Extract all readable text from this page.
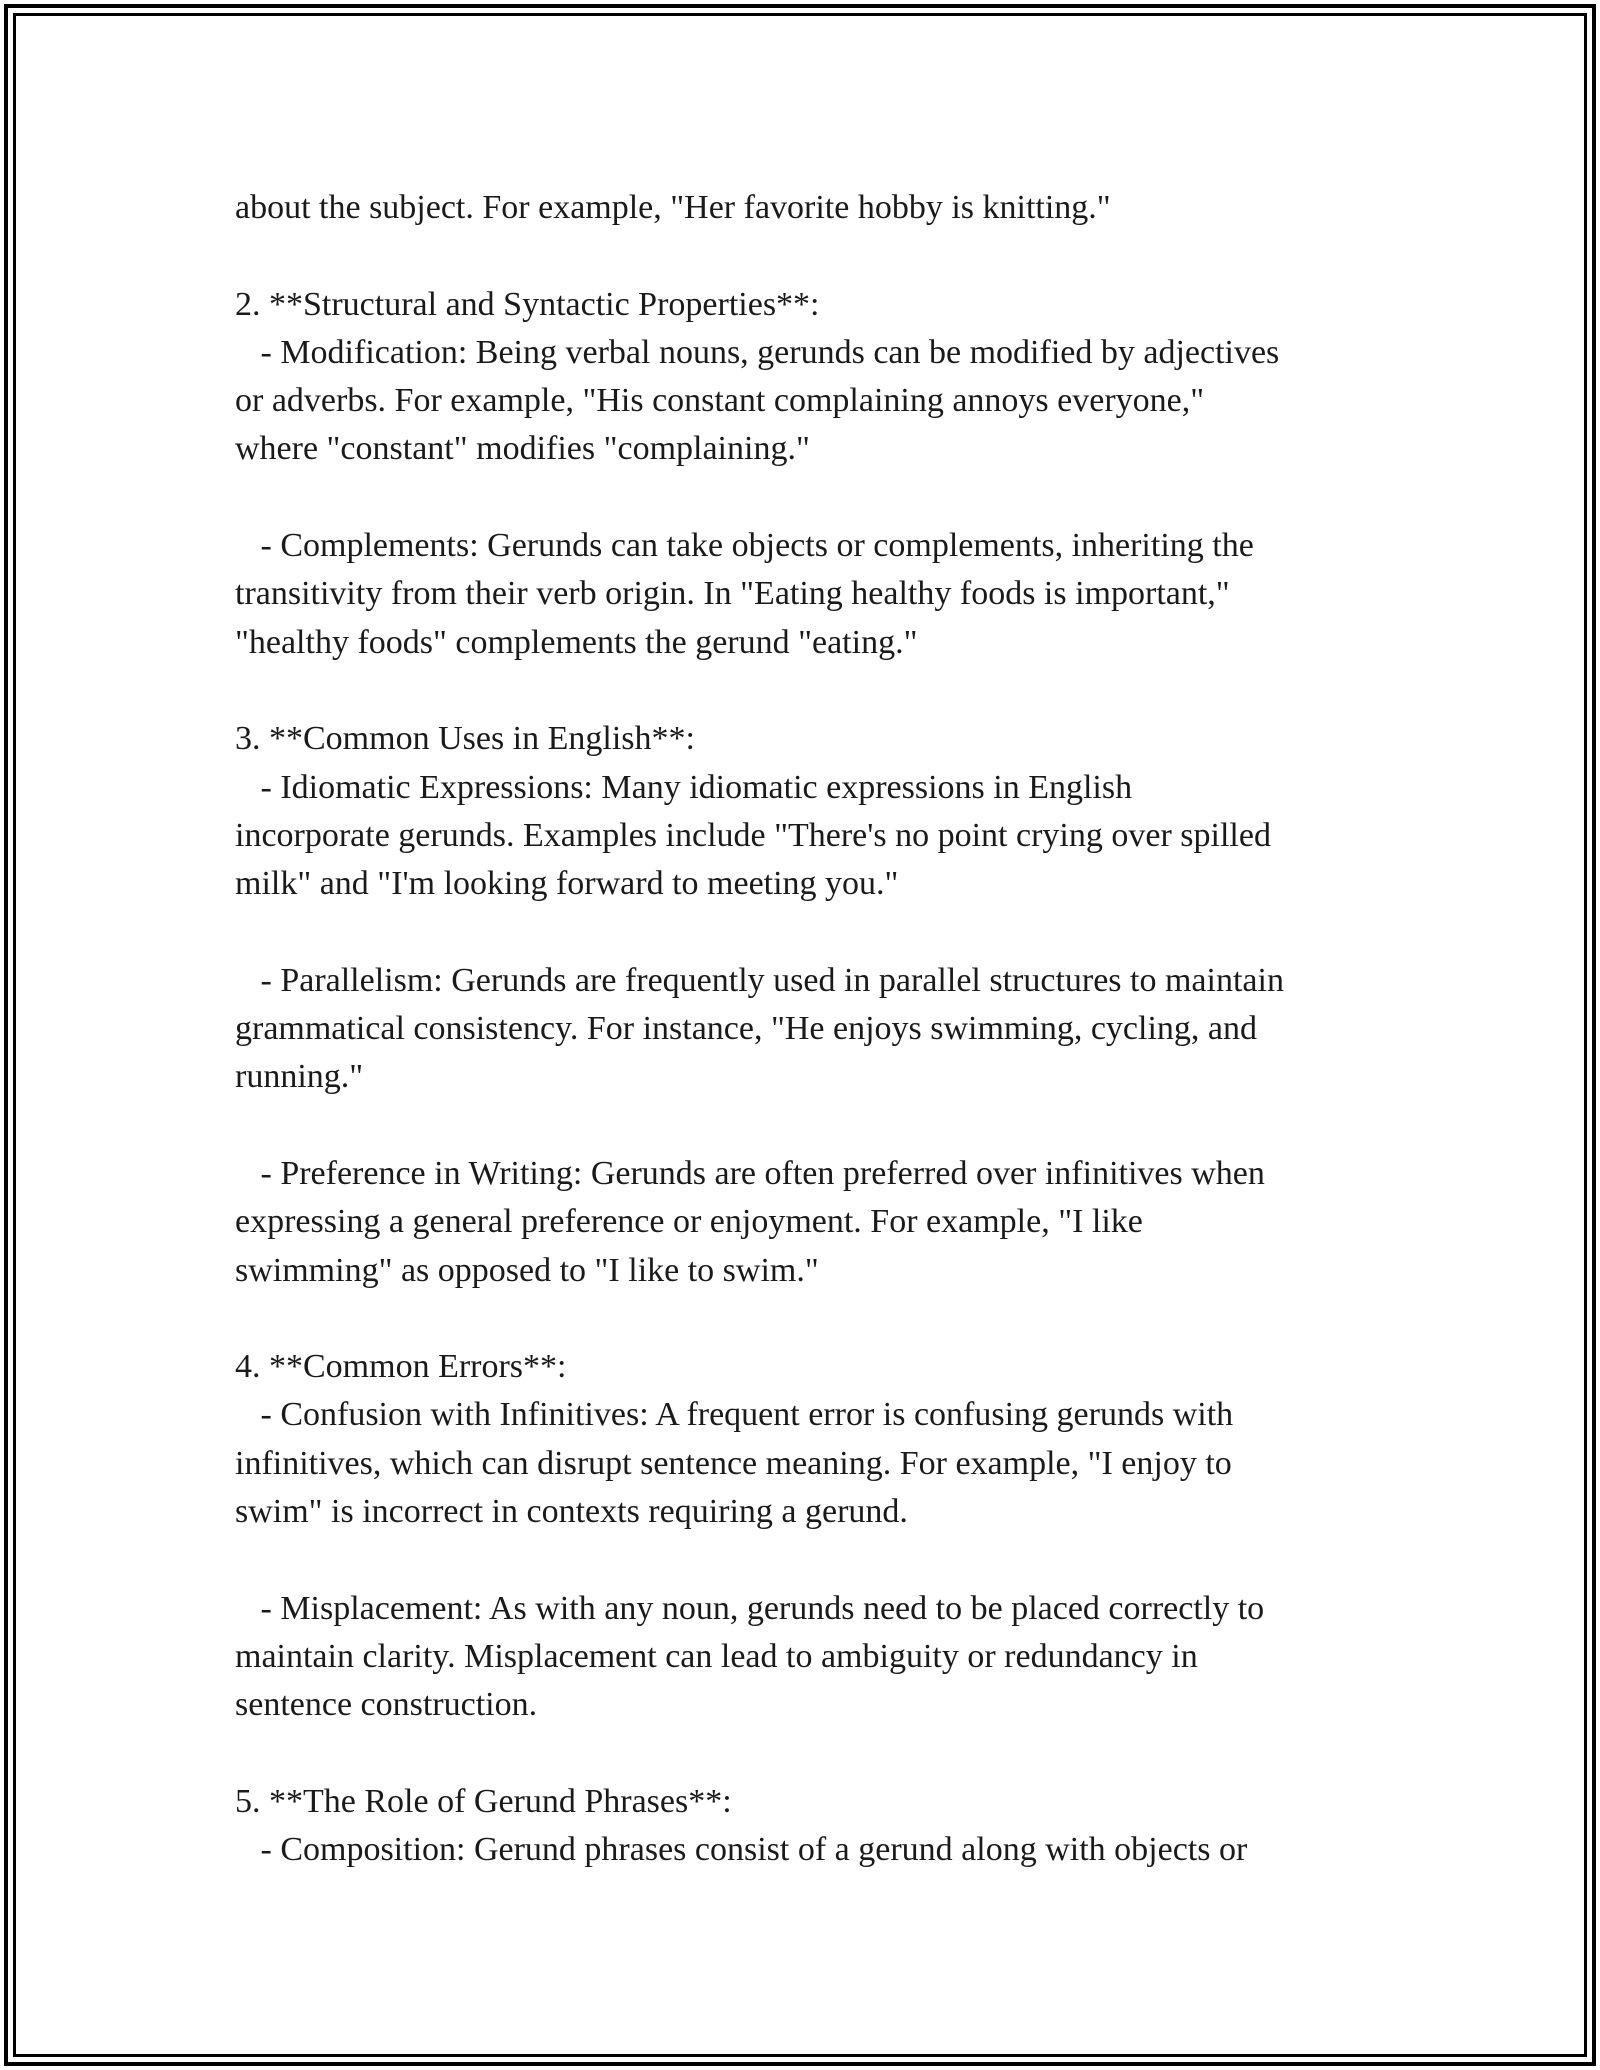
about the subject. For example, "Her favorite hobby is knitting."
2. **Structural and Syntactic Properties**:
- Modification: Being verbal nouns, gerunds can be modified by adjectives
or adverbs. For example, "His constant complaining annoys everyone,"
where "constant" modifies "complaining."
- Complements: Gerunds can take objects or complements, inheriting the
transitivity from their verb origin. In "Eating healthy foods is important,"
"healthy foods" complements the gerund "eating."
3. **Common Uses in English**:
- Idiomatic Expressions: Many idiomatic expressions in English
incorporate gerunds. Examples include "There's no point crying over spilled
milk" and "I'm looking forward to meeting you."
- Parallelism: Gerunds are frequently used in parallel structures to maintain
grammatical consistency. For instance, "He enjoys swimming, cycling, and
running."
- Preference in Writing: Gerunds are often preferred over infinitives when
expressing a general preference or enjoyment. For example, "I like
swimming" as opposed to "I like to swim."
4. **Common Errors**:
- Confusion with Infinitives: A frequent error is confusing gerunds with
infinitives, which can disrupt sentence meaning. For example, "I enjoy to
swim" is incorrect in contexts requiring a gerund.
- Misplacement: As with any noun, gerunds need to be placed correctly to
maintain clarity. Misplacement can lead to ambiguity or redundancy in
sentence construction.
5. **The Role of Gerund Phrases**:
- Composition: Gerund phrases consist of a gerund along with objects or
